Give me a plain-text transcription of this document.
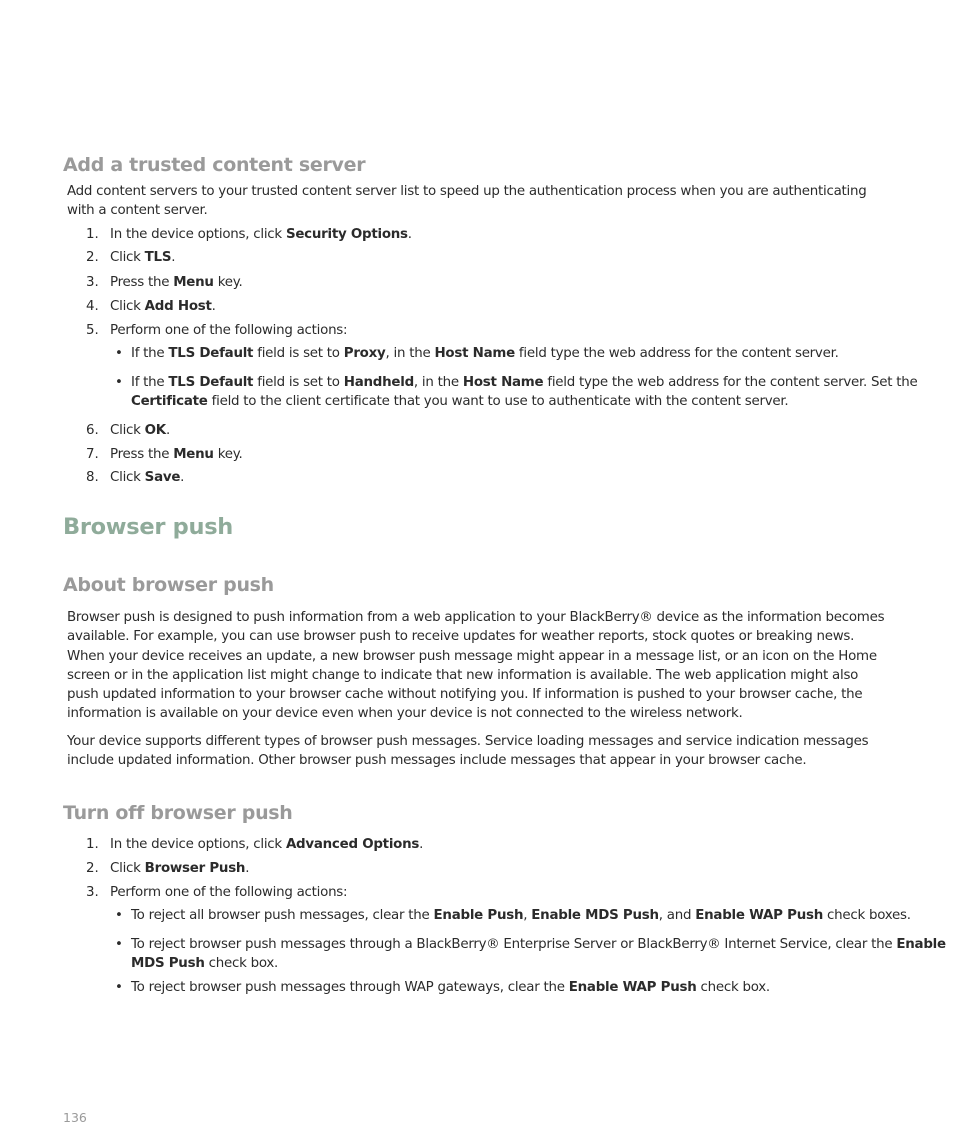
Add a trusted content server

Add content servers to your trusted content server list to speed up the authentication process when you are authenticating with a content server.

1. In the device options, click Security Options.
2. Click TLS.
3. Press the Menu key.
4. Click Add Host.
5. Perform one of the following actions:
• If the TLS Default field is set to Proxy, in the Host Name field type the web address for the content server.
• If the TLS Default field is set to Handheld, in the Host Name field type the web address for the content server. Set the
Certificate field to the client certificate that you want to use to authenticate with the content server.
6. Click OK.
7. Press the Menu key.
8. Click Save.
Browser push
About browser push

Browser push is designed to push information from a web application to your BlackBerry® device as the information becomes available. For example, you can use browser push to receive updates for weather reports, stock quotes or breaking news. When your device receives an update, a new browser push message might appear in a message list, or an icon on the Home screen or in the application list might change to indicate that new information is available. The web application might also push updated information to your browser cache without notifying you. If information is pushed to your browser cache, the information is available on your device even when your device is not connected to the wireless network.

Your device supports different types of browser push messages. Service loading messages and service indication messages include updated information. Other browser push messages include messages that appear in your browser cache.

Turn off browser push
1. In the device options, click Advanced Options.
2. Click Browser Push.
3. Perform one of the following actions:
• To reject all browser push messages, clear the Enable Push, Enable MDS Push, and Enable WAP Push check boxes.
• To reject browser push messages through a BlackBerry® Enterprise Server or BlackBerry® Internet Service, clear the Enable
MDS Push check box.
• To reject browser push messages through WAP gateways, clear the Enable WAP Push check box.
136
